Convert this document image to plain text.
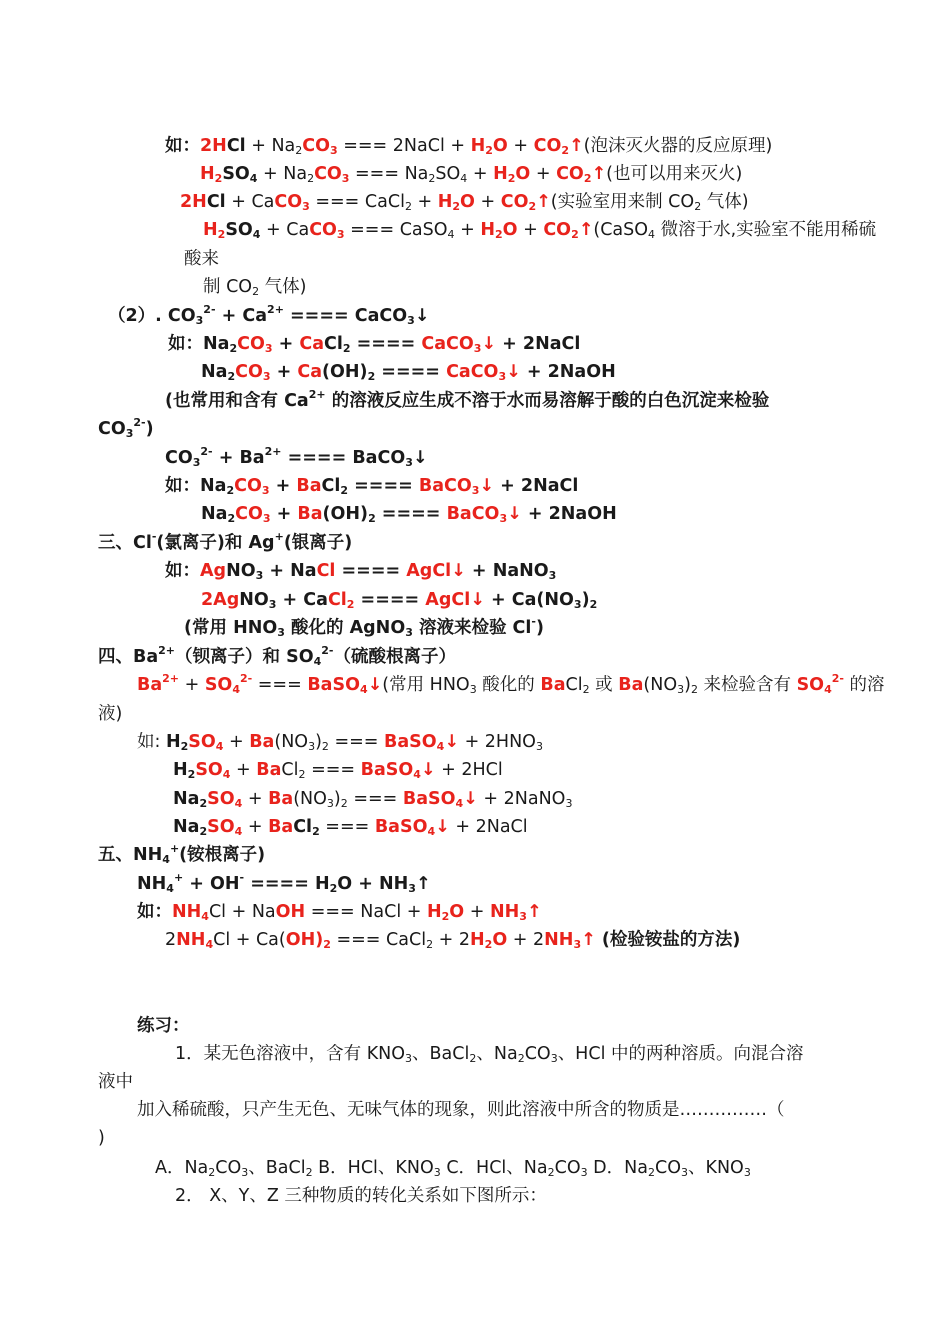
如：$2HCl + Na_2CO_3$ === 2NaCl + $H_2O$ + $CO_2↑$(泡沫灭火器的反应原理)
$H_2SO_4 + Na_2CO_3$ === $Na_2SO_4 + H_2O$ + $CO_2↑$(也可以用来灭火)
2HCl + CaCO$_3$ === CaCl$_2$ + $H_2O$ + $CO_2↑$(实验室用来制 $CO_2$ 气体)
$H_2SO_4$ + CaCO$_3$ === CaSO$_4$ + $H_2O$ + $CO_2↑(CaSO_4$ 微溶于水,实验室不能用稀硫
酸来
制 $CO_2$ 气体)
（2）. $CO_3^{2-} + Ca^{2+}$ ==== CaCO$_3$↓
如：$Na_2CO_3$ + CaCl$_2$ ==== CaCO$_3$↓ + 2NaCl
$Na_2CO_3 + Ca(OH)_2$ ==== CaCO$_3$↓ + 2NaOH
(也常用和含有 $Ca^{2+}$ 的溶液反应生成不溶于水而易溶解于酸的白色沉淀来检验
$CO_3^{2-}$)
$CO_3^{2-} + Ba^{2+}$ ==== BaCO$_3$↓
如：$Na_2CO_3$ + BaCl$_2$ ==== BaCO$_3$↓ + 2NaCl
$Na_2CO_3 + Ba(OH)_2$ ==== BaCO$_3$↓ + 2NaOH
三、Cl-(氯离子)和 Ag+(银离子)
如：AgNO$_3$ + NaCl ==== AgCl↓ + NaNO$_3$
2AgNO$_3$ + CaCl$_2$ ==== AgCl↓ + $Ca(NO_3)_2$
(常用 $HNO_3$ 酸化的 AgNO$_3$ 溶液来检验 Cl-)
四、$Ba^{2+}$（钡离子）和 $SO_4^{2-}$（硫酸根离子）
$Ba^{2+} + SO_4^{2-}$ === BaSO$_4$↓(常用 $HNO_3$ 酸化的 BaCl$_2$ 或 $Ba(NO_3)_2$ 来检验含有 $SO_4^{2-}$ 的溶
液)
如: $H_2SO_4 + Ba(NO_3)_2$ === BaSO$_4$↓ + $2HNO_3$
$H_2SO_4$ + BaCl$_2$ === BaSO$_4$↓ + 2HCl
$Na_2SO_4 + Ba(NO_3)_2$ === BaSO$_4$↓ + 2NaNO$_3$
$Na_2SO_4$ + BaCl$_2$ === BaSO$_4$↓ + 2NaCl
五、$NH_4^+$(铵根离子)
$NH_4^+ + OH^-$ ==== $H_2O$ + $NH_3↑$
如：$NH_4Cl$ + NaOH === NaCl + $H_2O$ + $NH_3↑$
$2NH_4Cl + Ca(OH)_2$ === CaCl$_2$ + $2H_2O$ + $2NH_3↑$ (检验铵盐的方法)
练习：
1．某无色溶液中，含有 $KNO_3$、BaCl$_2$、$Na_2CO_3$、HCl 中的两种溶质。向混合溶
液中
加入稀硫酸，只产生无色、无味气体的现象，则此溶液中所含的物质是……………（
)
A．$Na_2CO_3$、BaCl$_2$ B．HCl、$KNO_3$ C．HCl、$Na_2CO_3$ D．$Na_2CO_3$、$KNO_3$
2． X、Y、Z 三种物质的转化关系如下图所示：
